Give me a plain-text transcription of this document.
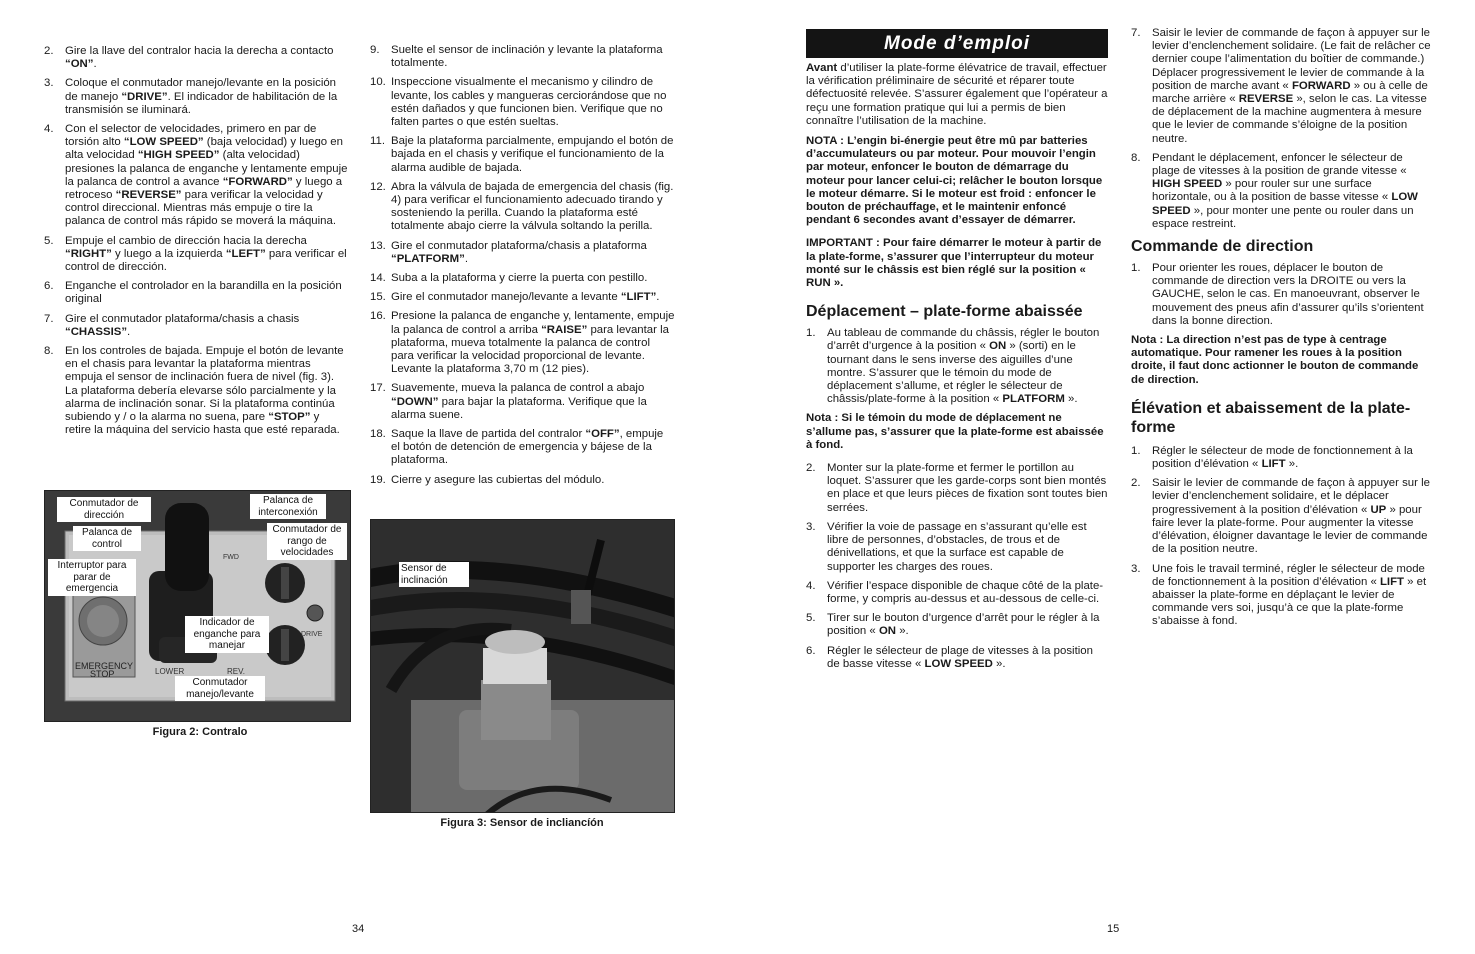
2. Gire la llave del contralor hacia la derecha a contacto “ON”.
3. Coloque el conmutador manejo/levante en la posición de manejo “DRIVE”. El indicador de habilitación de la transmisión se iluminará.
4. Con el selector de velocidades, primero en par de torsión alto “LOW SPEED” (baja velocidad) y luego en alta velocidad “HIGH SPEED” (alta velocidad) presiones la palanca de enganche y lentamente empuje la palanca de control a avance “FORWARD” y luego a retroceso “REVERSE” para verificar la velocidad y control direccional. Mientras más empuje o tire la palanca de control más rápido se moverá la máquina.
5. Empuje el cambio de dirección hacia la derecha “RIGHT” y luego a la izquierda “LEFT” para verificar el control de dirección.
6. Enganche el controlador en la barandilla en la posición original
7. Gire el conmutador plataforma/chasis a chasis “CHASSIS”.
8. En los controles de bajada. Empuje el botón de levante en el chasis para levantar la plataforma mientras empuja el sensor de inclinación fuera de nivel (fig. 3). La plataforma debería elevarse sólo parcialmente y la alarma de inclinación sonar. Si la plataforma continúa subiendo y / o la alarma no suena, pare “STOP” y retire la máquina del servicio hasta que esté reparada.
9. Suelte el sensor de inclinación y levante la plataforma totalmente.
10. Inspeccione visualmente el mecanismo y cilindro de levante, los cables y mangueras cerciorándose que no estén dañados y que funcionen bien. Verifique que no falten partes o que estén sueltas.
11. Baje la plataforma parcialmente, empujando el botón de bajada en el chasis y verifique el funcionamiento de la alarma audible de bajada.
12. Abra la válvula de bajada de emergencia del chasis (fig. 4) para verificar el funcionamiento adecuado tirando y sosteniendo la perilla. Cuando la plataforma esté totalmente abajo cierre la válvula soltando la perilla.
13. Gire el conmutador plataforma/chasis a plataforma “PLATFORM”.
14. Suba a la plataforma y cierre la puerta con pestillo.
15. Gire el conmutador manejo/levante a levante “LIFT”.
16. Presione la palanca de enganche y, lentamente, empuje la palanca de control a arriba “RAISE” para levantar la plataforma, mueva totalmente la palanca de control para verificar la velocidad proporcional de levante. Levante la plataforma 3,70 m (12 pies).
17. Suavemente, mueva la palanca de control a abajo “DOWN” para bajar la plataforma. Verifique que la alarma suene.
18. Saque la llave de partida del contralor “OFF”, empuje el botón de detención de emergencia y bájese de la plataforma.
19. Cierre y asegure las cubiertas del módulo.
EMERGENCY
STOP	LOWER	REV.
FWD
DRIVE
Conmutador de dirección
Palanca de interconexión
Palanca de control
Conmutador de rango de velocidades
Interruptor para parar de emergencia
Indicador de enganche para manejar
Conmutador manejo/levante
Figura 2: Contralo
Sensor de inclinación
Figura 3: Sensor de incliancíón
34
Mode d’emploi

Avant d’utiliser la plate-forme élévatrice de travail, effectuer la vérification préliminaire de sécurité et réparer toute défectuosité relevée. S’assurer également que l’opérateur a reçu une formation pratique qui lui a permis de bien connaître l’utilisation de la machine.

NOTA : L’engin bi-énergie peut être mû par batteries d’accumulateurs ou par moteur. Pour mouvoir l’engin par moteur, enfoncer le bouton de démarrage du moteur pour lancer celui-ci; relâcher le bouton lorsque le moteur démarre. Si le moteur est froid : enfoncer le bouton de préchauffage, et le maintenir enfoncé pendant 6 secondes avant d’essayer de démarrer.

IMPORTANT : Pour faire démarrer le moteur à partir de la plate-forme, s’assurer que l’interrupteur du moteur monté sur le châssis est bien réglé sur la position « RUN ».

Déplacement – plate-forme abaissée
1. Au tableau de commande du châssis, régler le bouton d’arrêt d’urgence à la position « ON » (sorti) en le tournant dans le sens inverse des aiguilles d’une montre. S’assurer que le témoin du mode de déplacement s’allume, et régler le sélecteur de châssis/plate-forme à la position « PLATFORM ».

Nota : Si le témoin du mode de déplacement ne s’allume pas, s’assurer que la plate-forme est abaissée à fond.

2. Monter sur la plate-forme et fermer le portillon au loquet. S’assurer que les garde-corps sont bien montés en place et que leurs pièces de fixation sont toutes bien serrées.
3. Vérifier la voie de passage en s’assurant qu’elle est libre de personnes, d’obstacles, de trous et de dénivellations, et que la surface est capable de supporter les charges des roues.
4. Vérifier l’espace disponible de chaque côté de la plate-forme, y compris au-dessus et au-dessous de celle-ci.
5. Tirer sur le bouton d’urgence d’arrêt pour le régler à la position « ON ».
6. Régler le sélecteur de plage de vitesses à la position de basse vitesse « LOW SPEED ».
7. Saisir le levier de commande de façon à appuyer sur le levier d’enclenchement solidaire. (Le fait de relâcher ce dernier coupe l’alimentation du boîtier de commande.) Déplacer progressivement le levier de commande à la position de marche avant « FORWARD » ou à celle de marche arrière « REVERSE », selon le cas. La vitesse de déplacement de la machine augmentera à mesure que le levier de commande s’éloigne de la position neutre.
8. Pendant le déplacement, enfoncer le sélecteur de plage de vitesses à la position de grande vitesse « HIGH SPEED » pour rouler sur une surface horizontale, ou à la position de basse vitesse « LOW SPEED », pour monter une pente ou rouler dans un espace restreint.
Commande de direction
1. Pour orienter les roues, déplacer le bouton de commande de direction vers la DROITE ou vers la GAUCHE, selon le cas. En manoeuvrant, observer le mouvement des pneus afin d’assurer qu’ils s’orientent dans la bonne direction.

Nota : La direction n’est pas de type à centrage automatique. Pour ramener les roues à la position droite, il faut donc actionner le bouton de commande de direction.

Élévation et abaissement de la plate-forme
1. Régler le sélecteur de mode de fonctionnement à la position d’élévation « LIFT ».
2. Saisir le levier de commande de façon à appuyer sur le levier d’enclenchement solidaire, et le déplacer progressivement à la position d’élévation « UP » pour faire lever la plate-forme. Pour augmenter la vitesse d’élévation, éloigner davantage le levier de commande de la position neutre.
3. Une fois le travail terminé, régler le sélecteur de mode de fonctionnement à la position d’élévation « LIFT » et abaisser la plate-forme en déplaçant le levier de commande vers soi, jusqu’à ce que la plate-forme s’abaisse à fond.
15
